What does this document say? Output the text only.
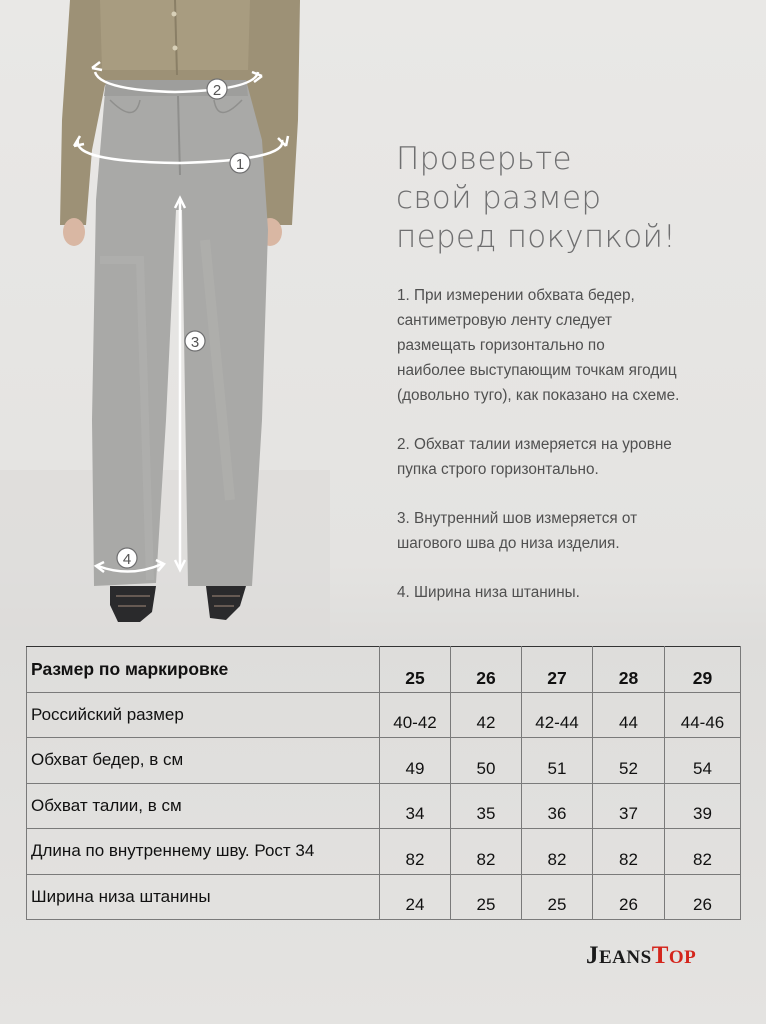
2
1
3
4
Проверьте
свой размер
перед покупкой!

1. При измерении обхвата бедер,
сантиметровую ленту следует
размещать горизонтально по
наиболее выступающим точкам ягодиц
(довольно туго), как показано на схеме.

2. Обхват талии измеряется на уровне
пупка строго горизонтально.

3. Внутренний шов измеряется от
шагового шва до низа изделия.

4. Ширина низа штанины.

Размер по маркировке	25	26	27	28	29
Российский размер	40-42	42	42-44	44	44-46
Обхват бедер, в см	49	50	51	52	54
Обхват талии, в см	34	35	36	37	39
Длина по внутреннему шву. Рост 34	82	82	82	82	82
Ширина низа штанины	24	25	25	26	26
JEANSTOP
